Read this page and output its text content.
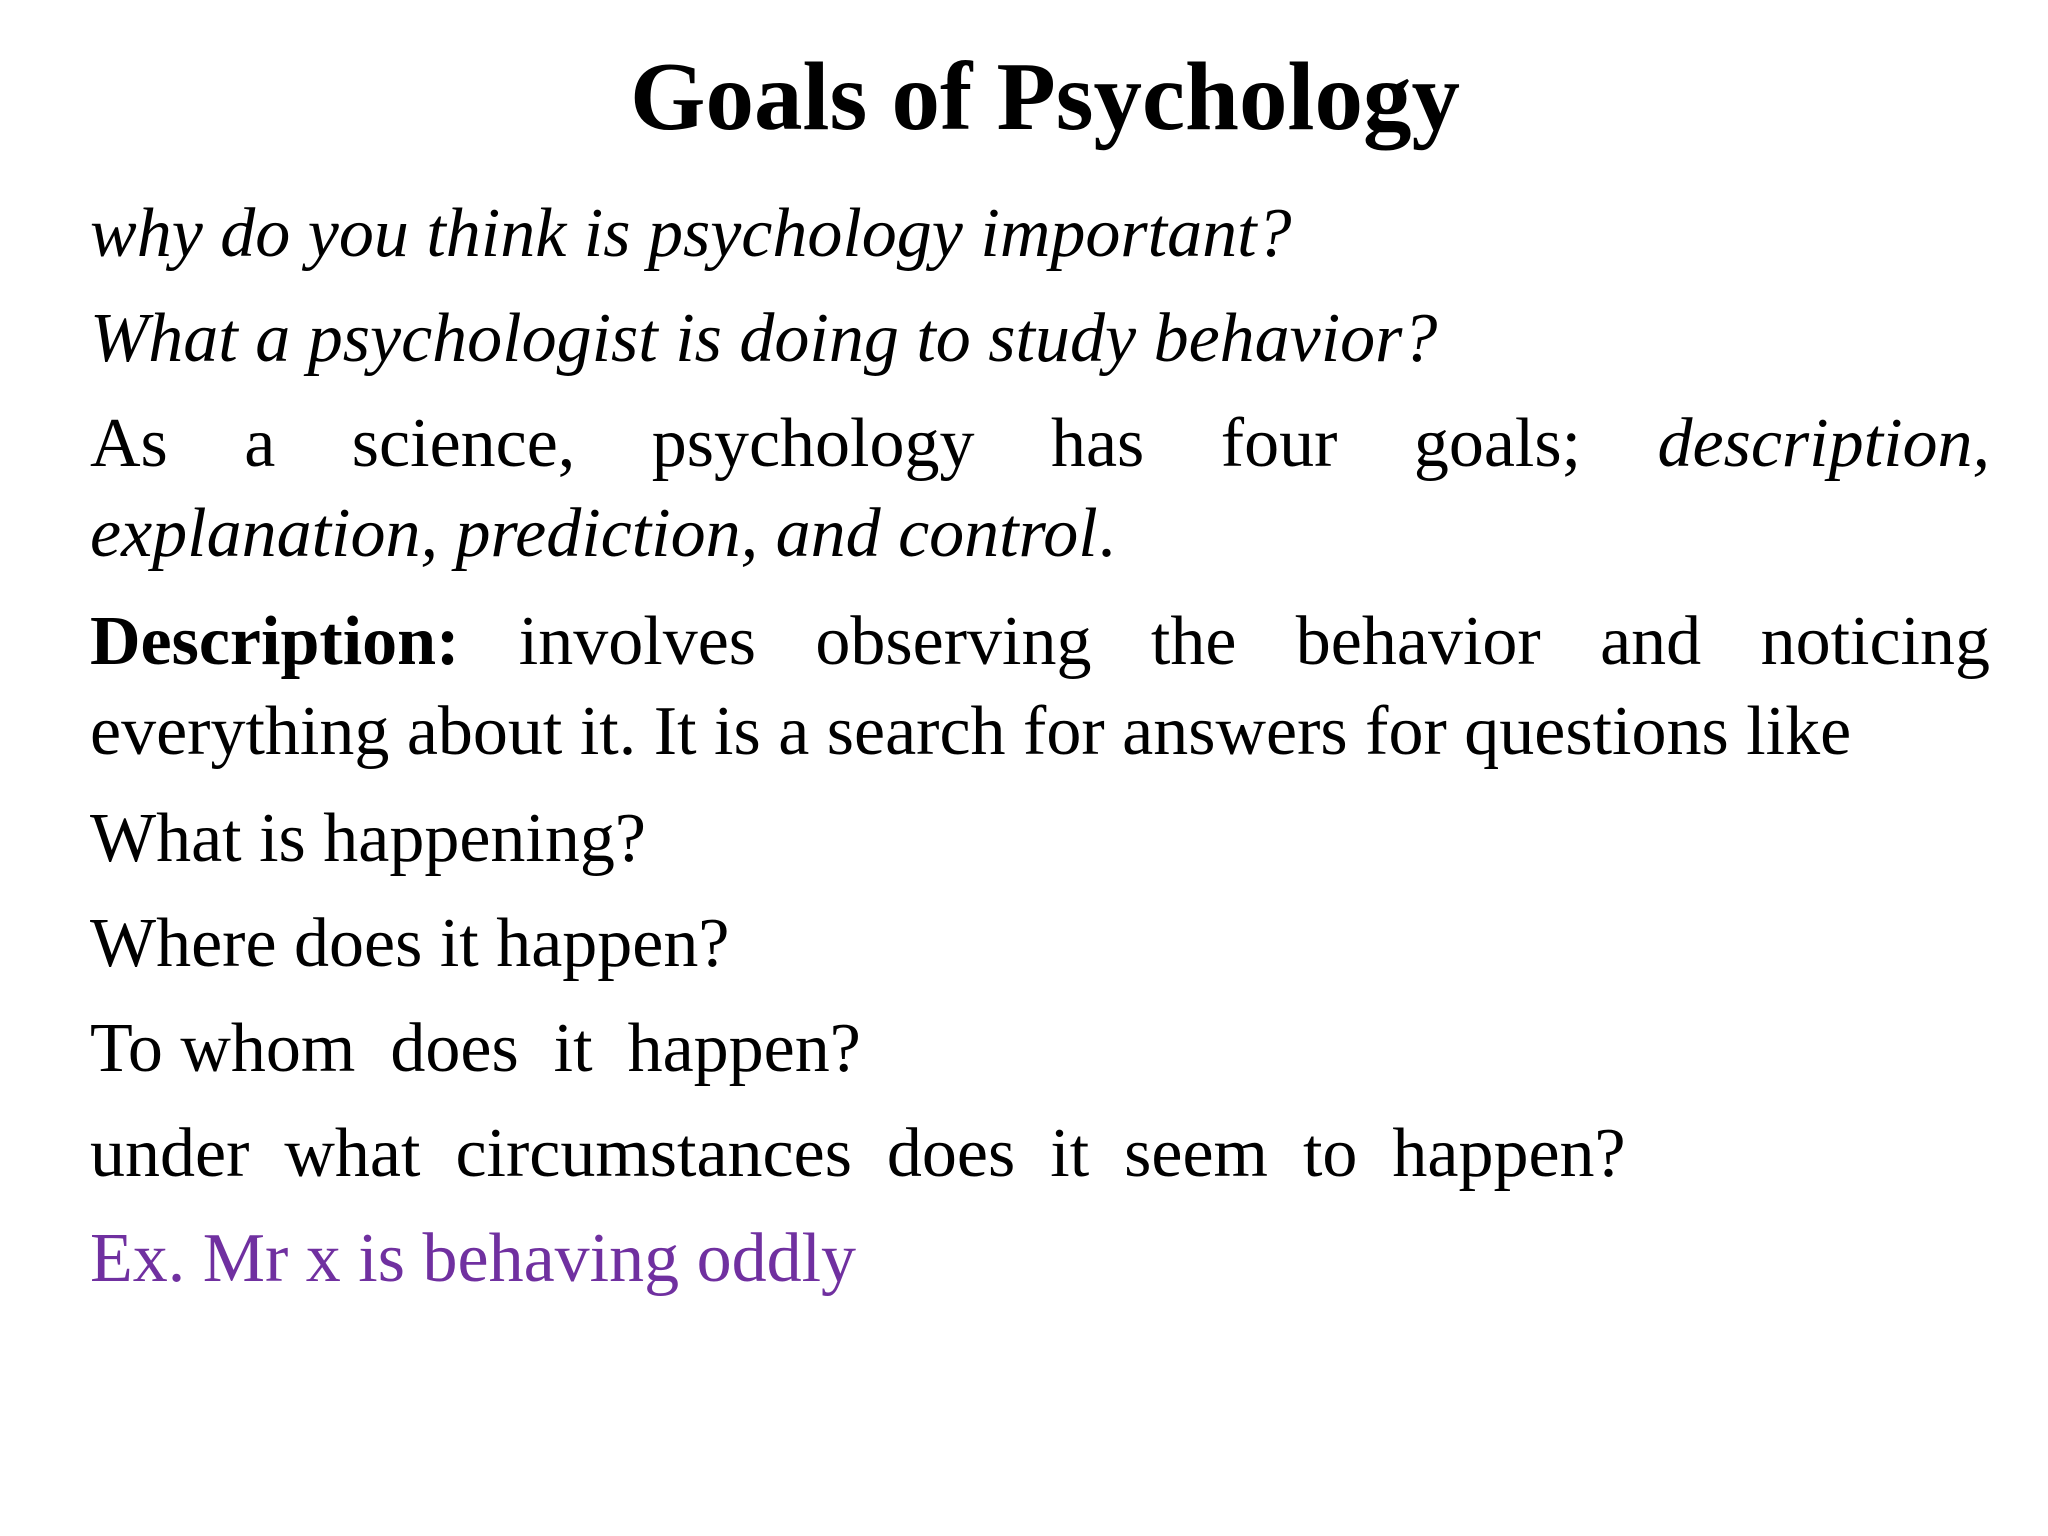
Goals of Psychology

why do you think is psychology important?

What a psychologist is doing to study behavior?

As a science, psychology has four goals; description,

explanation, prediction, and control.

Description: involves observing the behavior and noticing

everything about it. It is a search for answers for questions like

What is happening?

Where does it happen?

To whom  does  it  happen?

under  what  circumstances  does  it  seem  to  happen?

Ex. Mr x is behaving oddly
